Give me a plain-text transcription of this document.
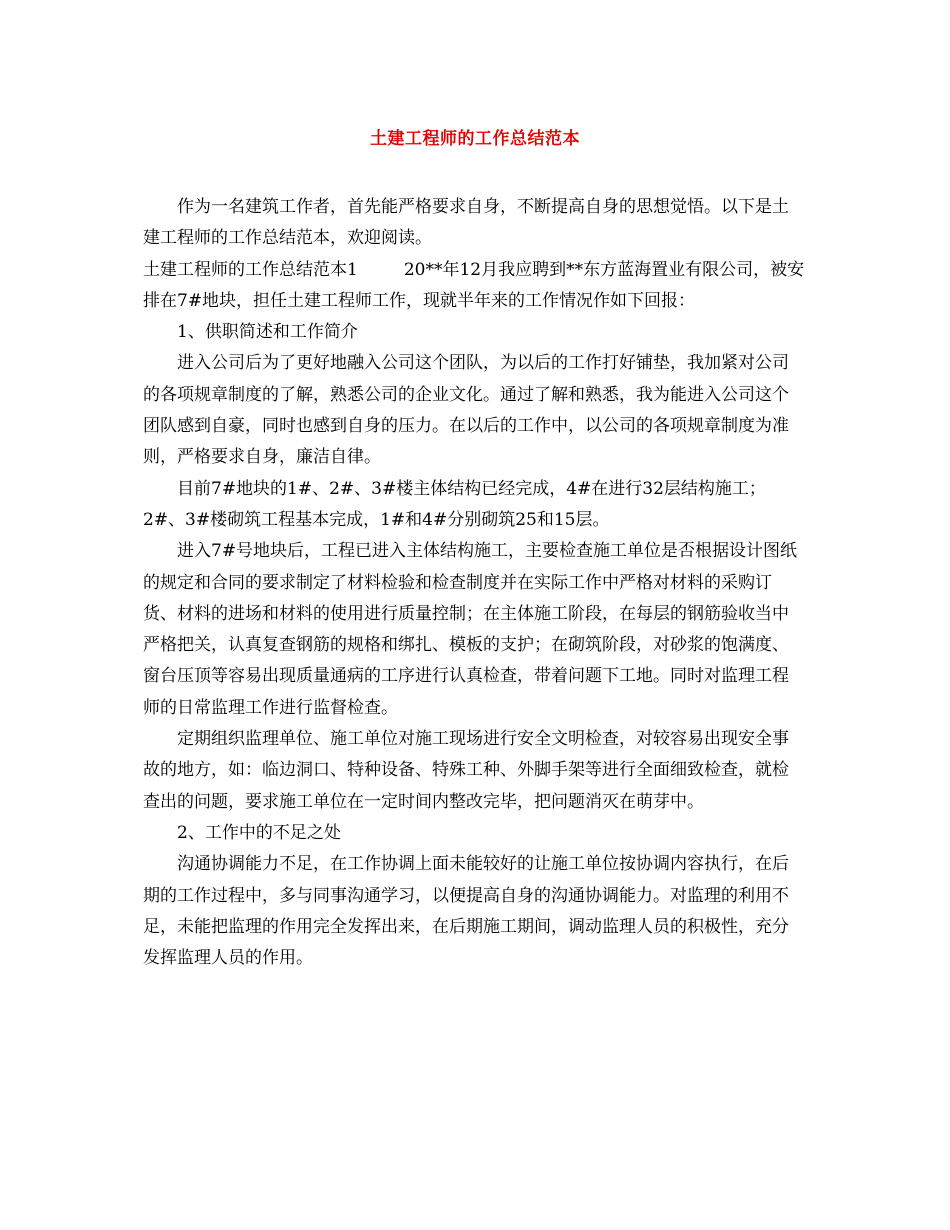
土建工程师的工作总结范本

作为一名建筑工作者，首先能严格要求自身，不断提高自身的思想觉悟。以下是土建工程师的工作总结范本，欢迎阅读。

土建工程师的工作总结范本1	20**年12月我应聘到**东方蓝海置业有限公司，被安排在7#地块，担任土建工程师工作，现就半年来的工作情况作如下回报：

1、供职简述和工作简介

进入公司后为了更好地融入公司这个团队，为以后的工作打好铺垫，我加紧对公司的各项规章制度的了解，熟悉公司的企业文化。通过了解和熟悉，我为能进入公司这个团队感到自豪，同时也感到自身的压力。在以后的工作中，以公司的各项规章制度为准则，严格要求自身，廉洁自律。

目前7#地块的1#、2#、3#楼主体结构已经完成，4#在进行32层结构施工；2#、3#楼砌筑工程基本完成，1#和4#分别砌筑25和15层。

进入7#号地块后，工程已进入主体结构施工，主要检查施工单位是否根据设计图纸的规定和合同的要求制定了材料检验和检查制度并在实际工作中严格对材料的采购订货、材料的进场和材料的使用进行质量控制；在主体施工阶段，在每层的钢筋验收当中严格把关，认真复查钢筋的规格和绑扎、模板的支护；在砌筑阶段，对砂浆的饱满度、窗台压顶等容易出现质量通病的工序进行认真检查，带着问题下工地。同时对监理工程师的日常监理工作进行监督检查。

定期组织监理单位、施工单位对施工现场进行安全文明检查，对较容易出现安全事故的地方，如：临边洞口、特种设备、特殊工种、外脚手架等进行全面细致检查，就检查出的问题，要求施工单位在一定时间内整改完毕，把问题消灭在萌芽中。

2、工作中的不足之处

沟通协调能力不足，在工作协调上面未能较好的让施工单位按协调内容执行，在后期的工作过程中，多与同事沟通学习，以便提高自身的沟通协调能力。对监理的利用不足，未能把监理的作用完全发挥出来，在后期施工期间，调动监理人员的积极性，充分发挥监理人员的作用。
